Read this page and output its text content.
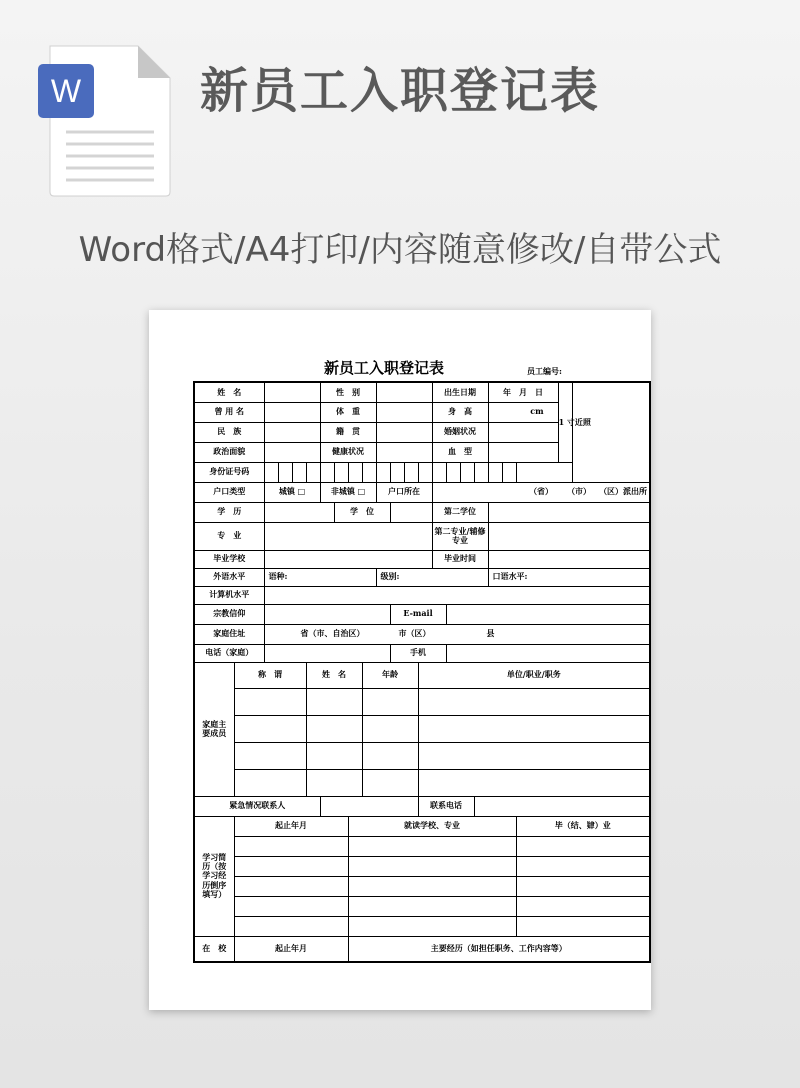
W 新员工入职登记表
Word格式/A4打印/内容随意修改/自带公式
新员工入职登记表	员工编号:
姓　名						性　别								出生日期				年　月　日			1 寸近照
曾 用 名						体　重								身　高				cm			
民　族						籍　贯								婚姻状况							
政治面貌						健康状况								血　型							
身份证号码																					
户口类型		城镇 □				非城镇 □				户口所在				（省） （市） （区）派出所							
学　历							学　位							第二学位							
专　业														第二专业/辅修专业							
毕业学校														毕业时间							
外语水平		语种:								级别:								口语水平:			
计算机水平																					
宗教信仰											E-mail										
家庭住址		省（市、自治区） 市（区） 县																			
电话（家庭）											手机										
家庭主要成员	称　谓				姓　名				年龄				单位/职业/职务								

紧急情况联系人													联系电话								
学习简历（按学习经历倒序填写）	起止年月							就读学校、专业												毕（结、肄）业	

在　校	起止年月							主要经历（如担任职务、工作内容等）													
